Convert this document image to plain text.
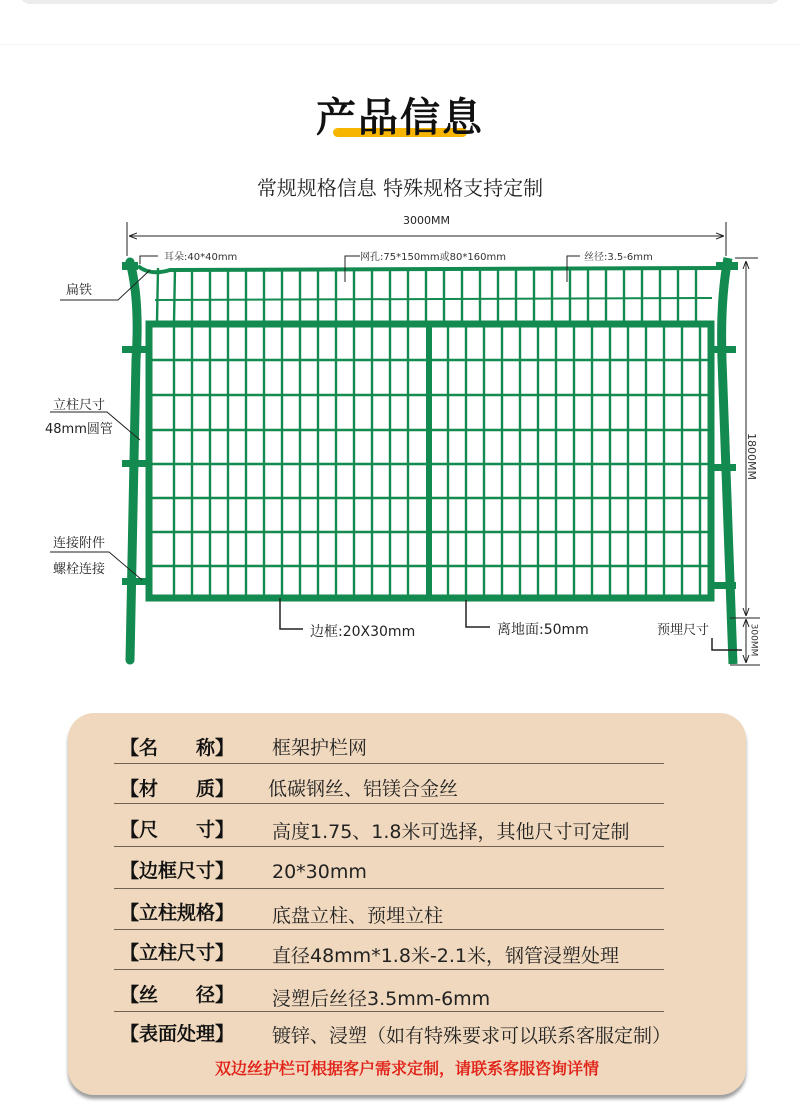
产品信息
常规规格信息 特殊规格支持定制
3000MM
耳朵:40*40mm	网孔:75*150mm或80*160mm	丝径:3.5-6mm
扁铁
立柱尺寸
48mm圆管
连接附件
螺栓连接
边框:20X30mm	离地面:50mm	预埋尺寸
1800MM
300MM
【名　　称】 框架护栏网
【材　　质】 低碳钢丝、铝镁合金丝
【尺　　寸】 高度1.75、1.8米可选择，其他尺寸可定制
【边框尺寸】 20*30mm
【立柱规格】 底盘立柱、预埋立柱
【立柱尺寸】 直径48mm*1.8米-2.1米，钢管浸塑处理
【丝　　径】 浸塑后丝径3.5mm-6mm
【表面处理】 镀锌、浸塑（如有特殊要求可以联系客服定制）
双边丝护栏可根据客户需求定制，请联系客服咨询详情
